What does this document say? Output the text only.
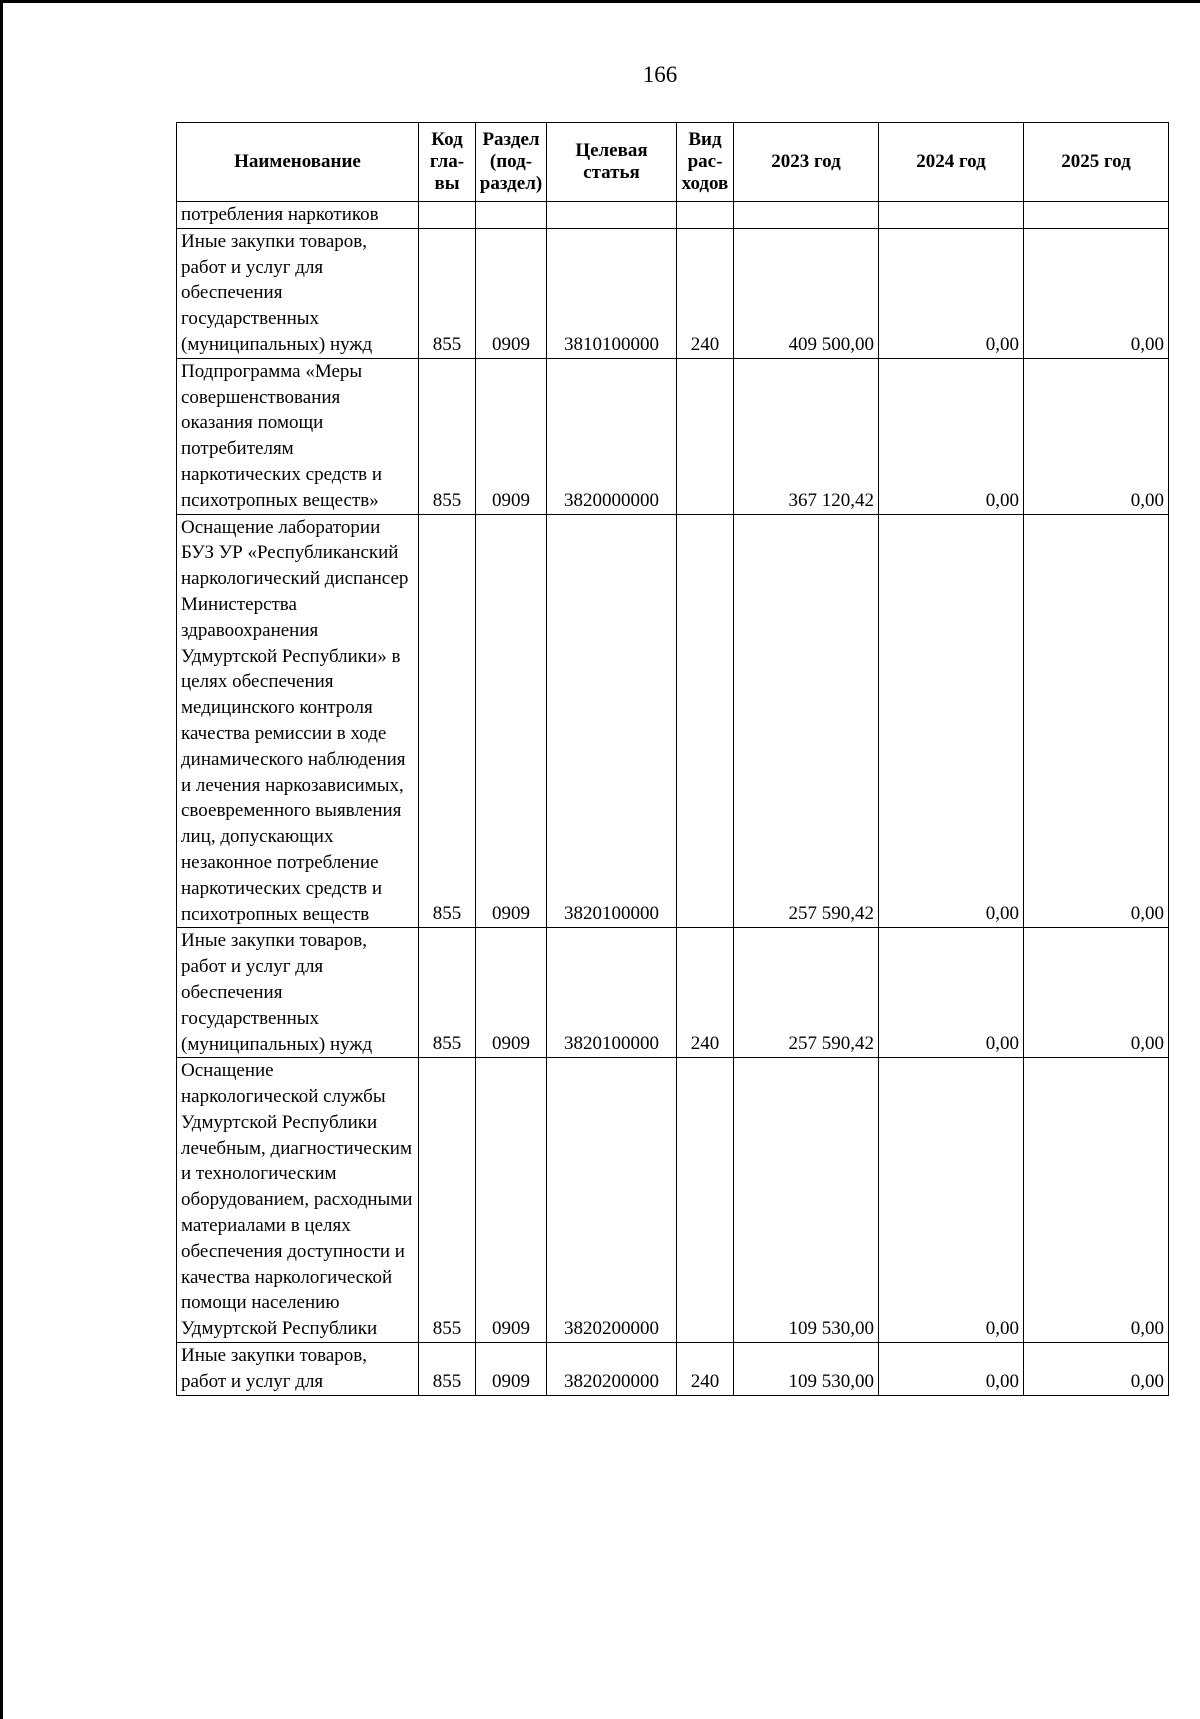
166
Наименование	Код гла- вы	Раздел (под- раздел)	Целевая статья	Вид рас- ходов	2023 год	2024 год	2025 год
потребления наркотиков							
Иные закупки товаров, работ и услуг для обеспечения государственных (муниципальных) нужд	855	0909	3810100000	240	409 500,00	0,00	0,00
Подпрограмма «Меры совершенствования оказания помощи потребителям наркотических средств и психотропных веществ»	855	0909	3820000000		367 120,42	0,00	0,00
Оснащение лаборатории БУЗ УР «Республиканский наркологический диспансер Министерства здравоохранения Удмуртской Республики» в целях обеспечения медицинского контроля качества ремиссии в ходе динамического наблюдения и лечения наркозависимых, своевременного выявления лиц, допускающих незаконное потребление наркотических средств и психотропных веществ	855	0909	3820100000		257 590,42	0,00	0,00
Иные закупки товаров, работ и услуг для обеспечения государственных (муниципальных) нужд	855	0909	3820100000	240	257 590,42	0,00	0,00
Оснащение наркологической службы Удмуртской Республики лечебным, диагностическим и технологическим оборудованием, расходными материалами в целях обеспечения доступности и качества наркологической помощи населению Удмуртской Республики	855	0909	3820200000		109 530,00	0,00	0,00
Иные закупки товаров, работ и услуг для	855	0909	3820200000	240	109 530,00	0,00	0,00
